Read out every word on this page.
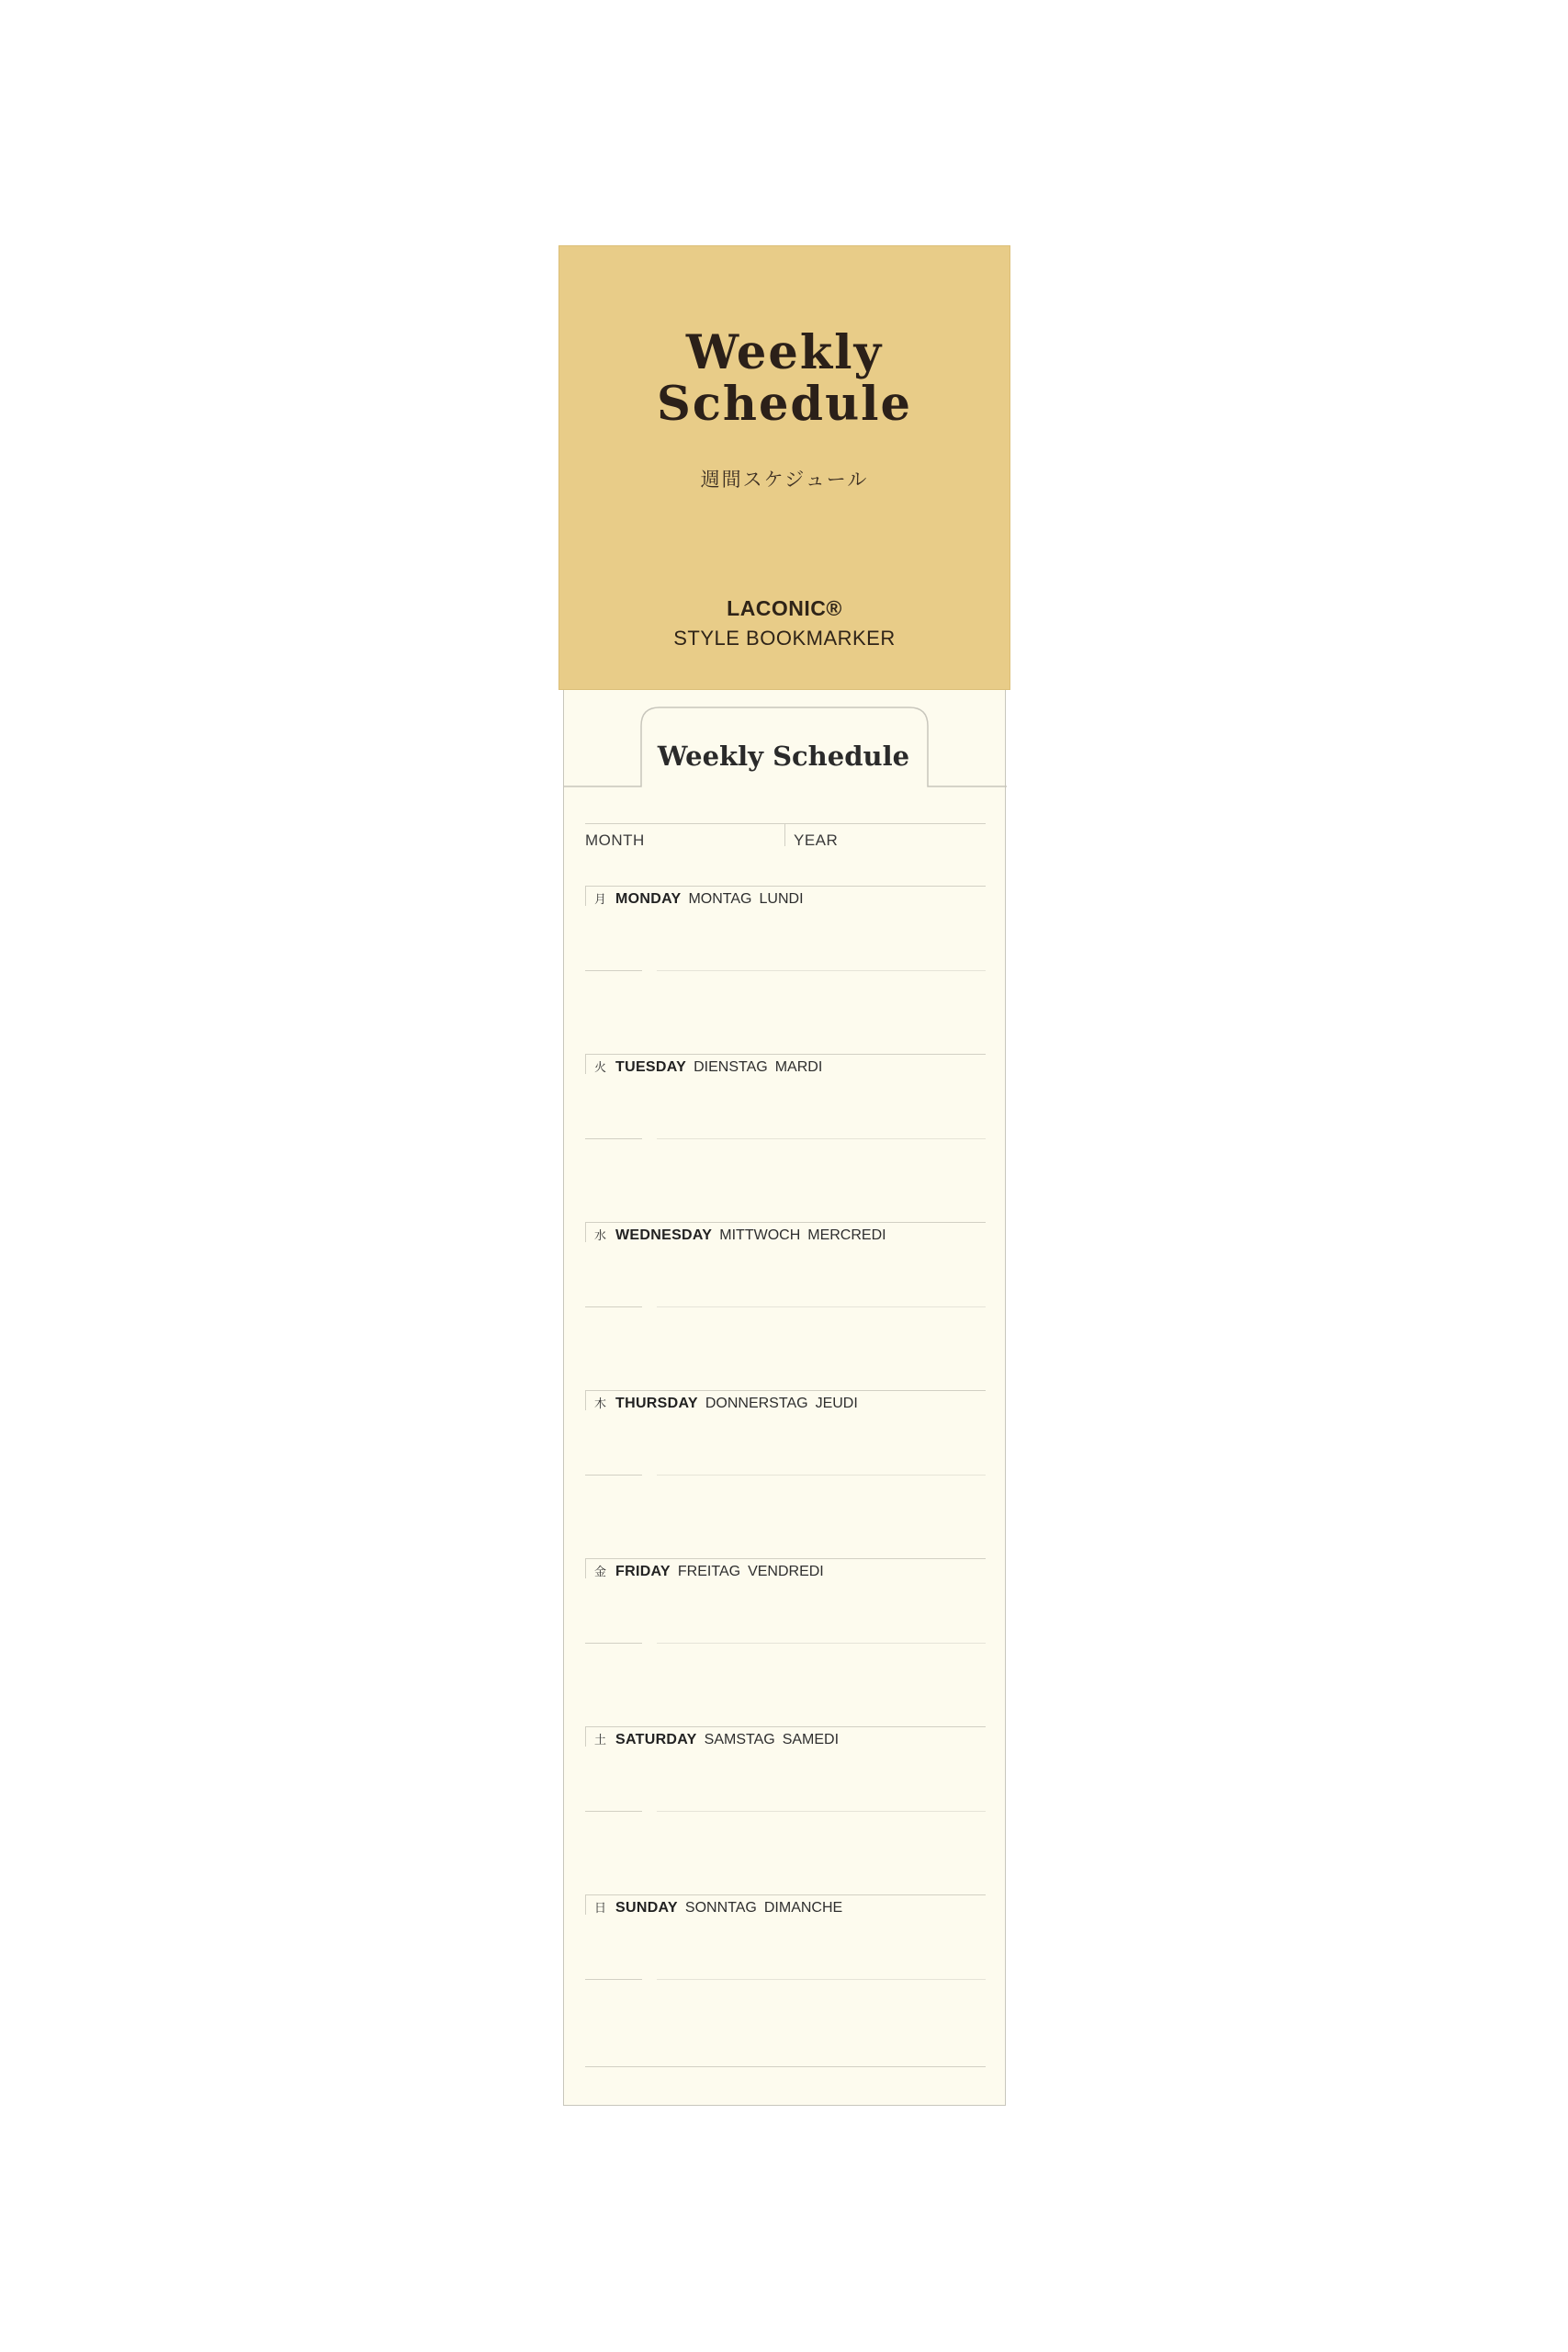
Weekly
Schedule
週間スケジュール
LACONIC®
STYLE BOOKMARKER
Weekly Schedule
MONTH	YEAR
月 MONDAY MONTAG LUNDI
火 TUESDAY DIENSTAG MARDI
水 WEDNESDAY MITTWOCH MERCREDI
木 THURSDAY DONNERSTAG JEUDI
金 FRIDAY FREITAG VENDREDI
土 SATURDAY SAMSTAG SAMEDI
日 SUNDAY SONNTAG DIMANCHE
